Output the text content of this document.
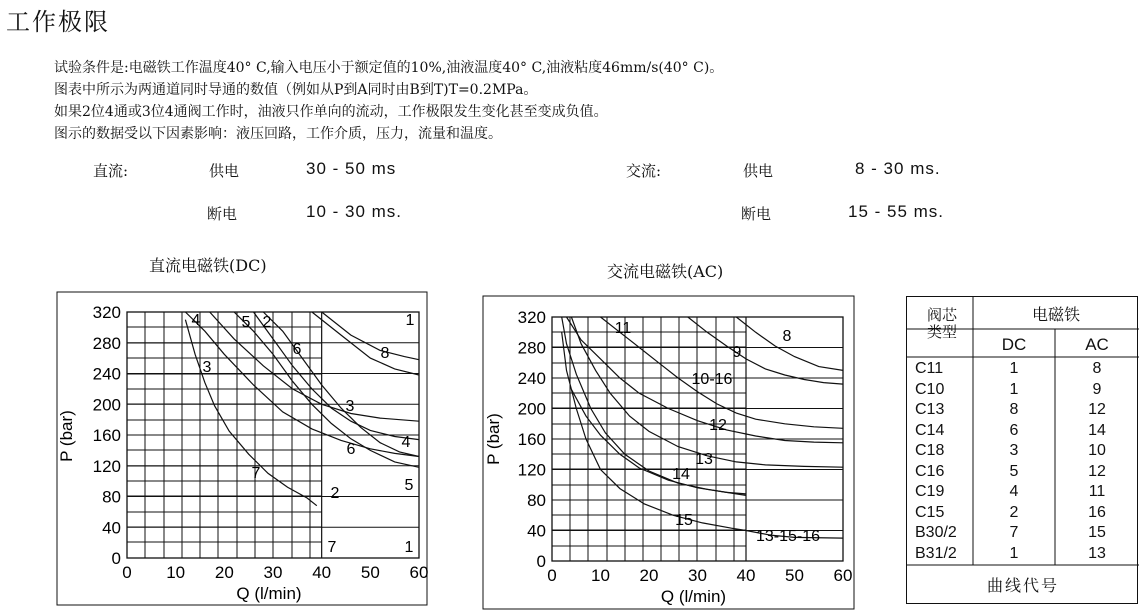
工作极限
试验条件是:电磁铁工作温度40° C,输入电压小于额定值的10%,油液温度40° C,油液粘度46mm/s(40° C)。
图表中所示为两通道同时导通的数值（例如从P到A同时由B到T)T=0.2MPa。
如果2位4通或3位4通阀工作时，油液只作单向的流动，工作极限发生变化甚至变成负值。
图示的数据受以下因素影响：液压回路，工作介质，压力，流量和温度。
直流:	供电	30 - 50 ms
断电	10 - 30 ms.
交流:	供电	8 - 30 ms.
断电	15 - 55 ms.
直流电磁铁(DC)	交流电磁铁(AC)
0 10 20 30 40 50 60
0
40
80
120
160
200
240
280
320
Q (l/min)
P (bar)
1
8
4	5 2
6
3
3
4
6
5
7
2
7	1
0 10 20 30 40 50 60
0
40
80
120
160
200
240
280
320
Q (l/min)
P (bar)
11	8
9
10-16
12
13
14
15
13-15-16
阀芯
类型
电磁铁
DC	AC
C11	1	8
C10	1	9
C13	8	12
C14	6	14
C18	3	10
C16	5	12
C19	4	11
C15	2	16
B30/2	7	15
B31/2	1	13
曲线代号
